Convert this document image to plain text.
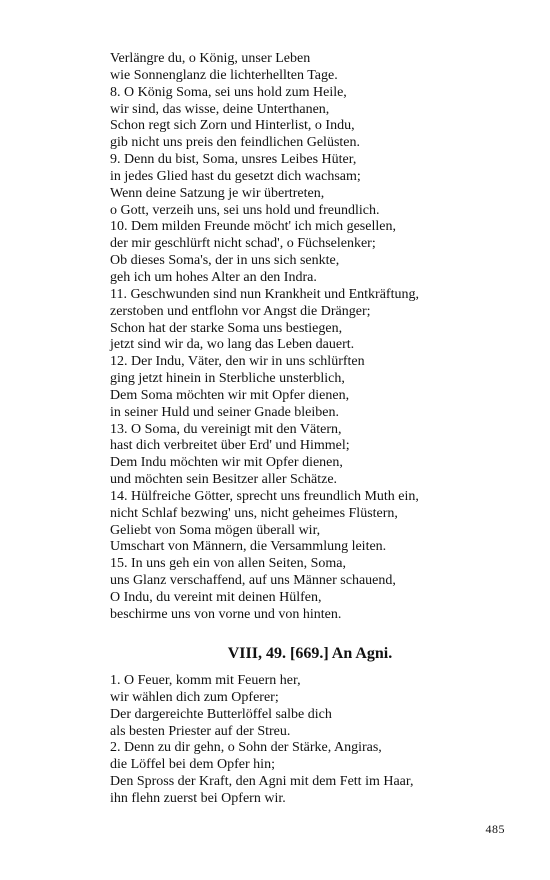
Verlängre du, o König, unser Leben
wie Sonnenglanz die lichterhellten Tage.
8. O König Soma, sei uns hold zum Heile,
wir sind, das wisse, deine Unterthanen,
Schon regt sich Zorn und Hinterlist, o Indu,
gib nicht uns preis den feindlichen Gelüsten.
9. Denn du bist, Soma, unsres Leibes Hüter,
in jedes Glied hast du gesetzt dich wachsam;
Wenn deine Satzung je wir übertreten,
o Gott, verzeih uns, sei uns hold und freundlich.
10. Dem milden Freunde möcht' ich mich gesellen,
der mir geschlürft nicht schad', o Füchselenker;
Ob dieses Soma's, der in uns sich senkte,
geh ich um hohes Alter an den Indra.
11. Geschwunden sind nun Krankheit und Entkräftung,
zerstoben und entflohn vor Angst die Dränger;
Schon hat der starke Soma uns bestiegen,
jetzt sind wir da, wo lang das Leben dauert.
12. Der Indu, Väter, den wir in uns schlürften
ging jetzt hinein in Sterbliche unsterblich,
Dem Soma möchten wir mit Opfer dienen,
in seiner Huld und seiner Gnade bleiben.
13. O Soma, du vereinigt mit den Vätern,
hast dich verbreitet über Erd' und Himmel;
Dem Indu möchten wir mit Opfer dienen,
und möchten sein Besitzer aller Schätze.
14. Hülfreiche Götter, sprecht uns freundlich Muth ein,
nicht Schlaf bezwing' uns, nicht geheimes Flüstern,
Geliebt von Soma mögen überall wir,
Umschart von Männern, die Versammlung leiten.
15. In uns geh ein von allen Seiten, Soma,
uns Glanz verschaffend, auf uns Männer schauend,
O Indu, du vereint mit deinen Hülfen,
beschirme uns von vorne und von hinten.
VIII, 49. [669.] An Agni.
1. O Feuer, komm mit Feuern her,
wir wählen dich zum Opferer;
Der dargereichte Butterlöffel salbe dich
als besten Priester auf der Streu.
2. Denn zu dir gehn, o Sohn der Stärke, Angiras,
die Löffel bei dem Opfer hin;
Den Spross der Kraft, den Agni mit dem Fett im Haar,
ihn flehn zuerst bei Opfern wir.
485
